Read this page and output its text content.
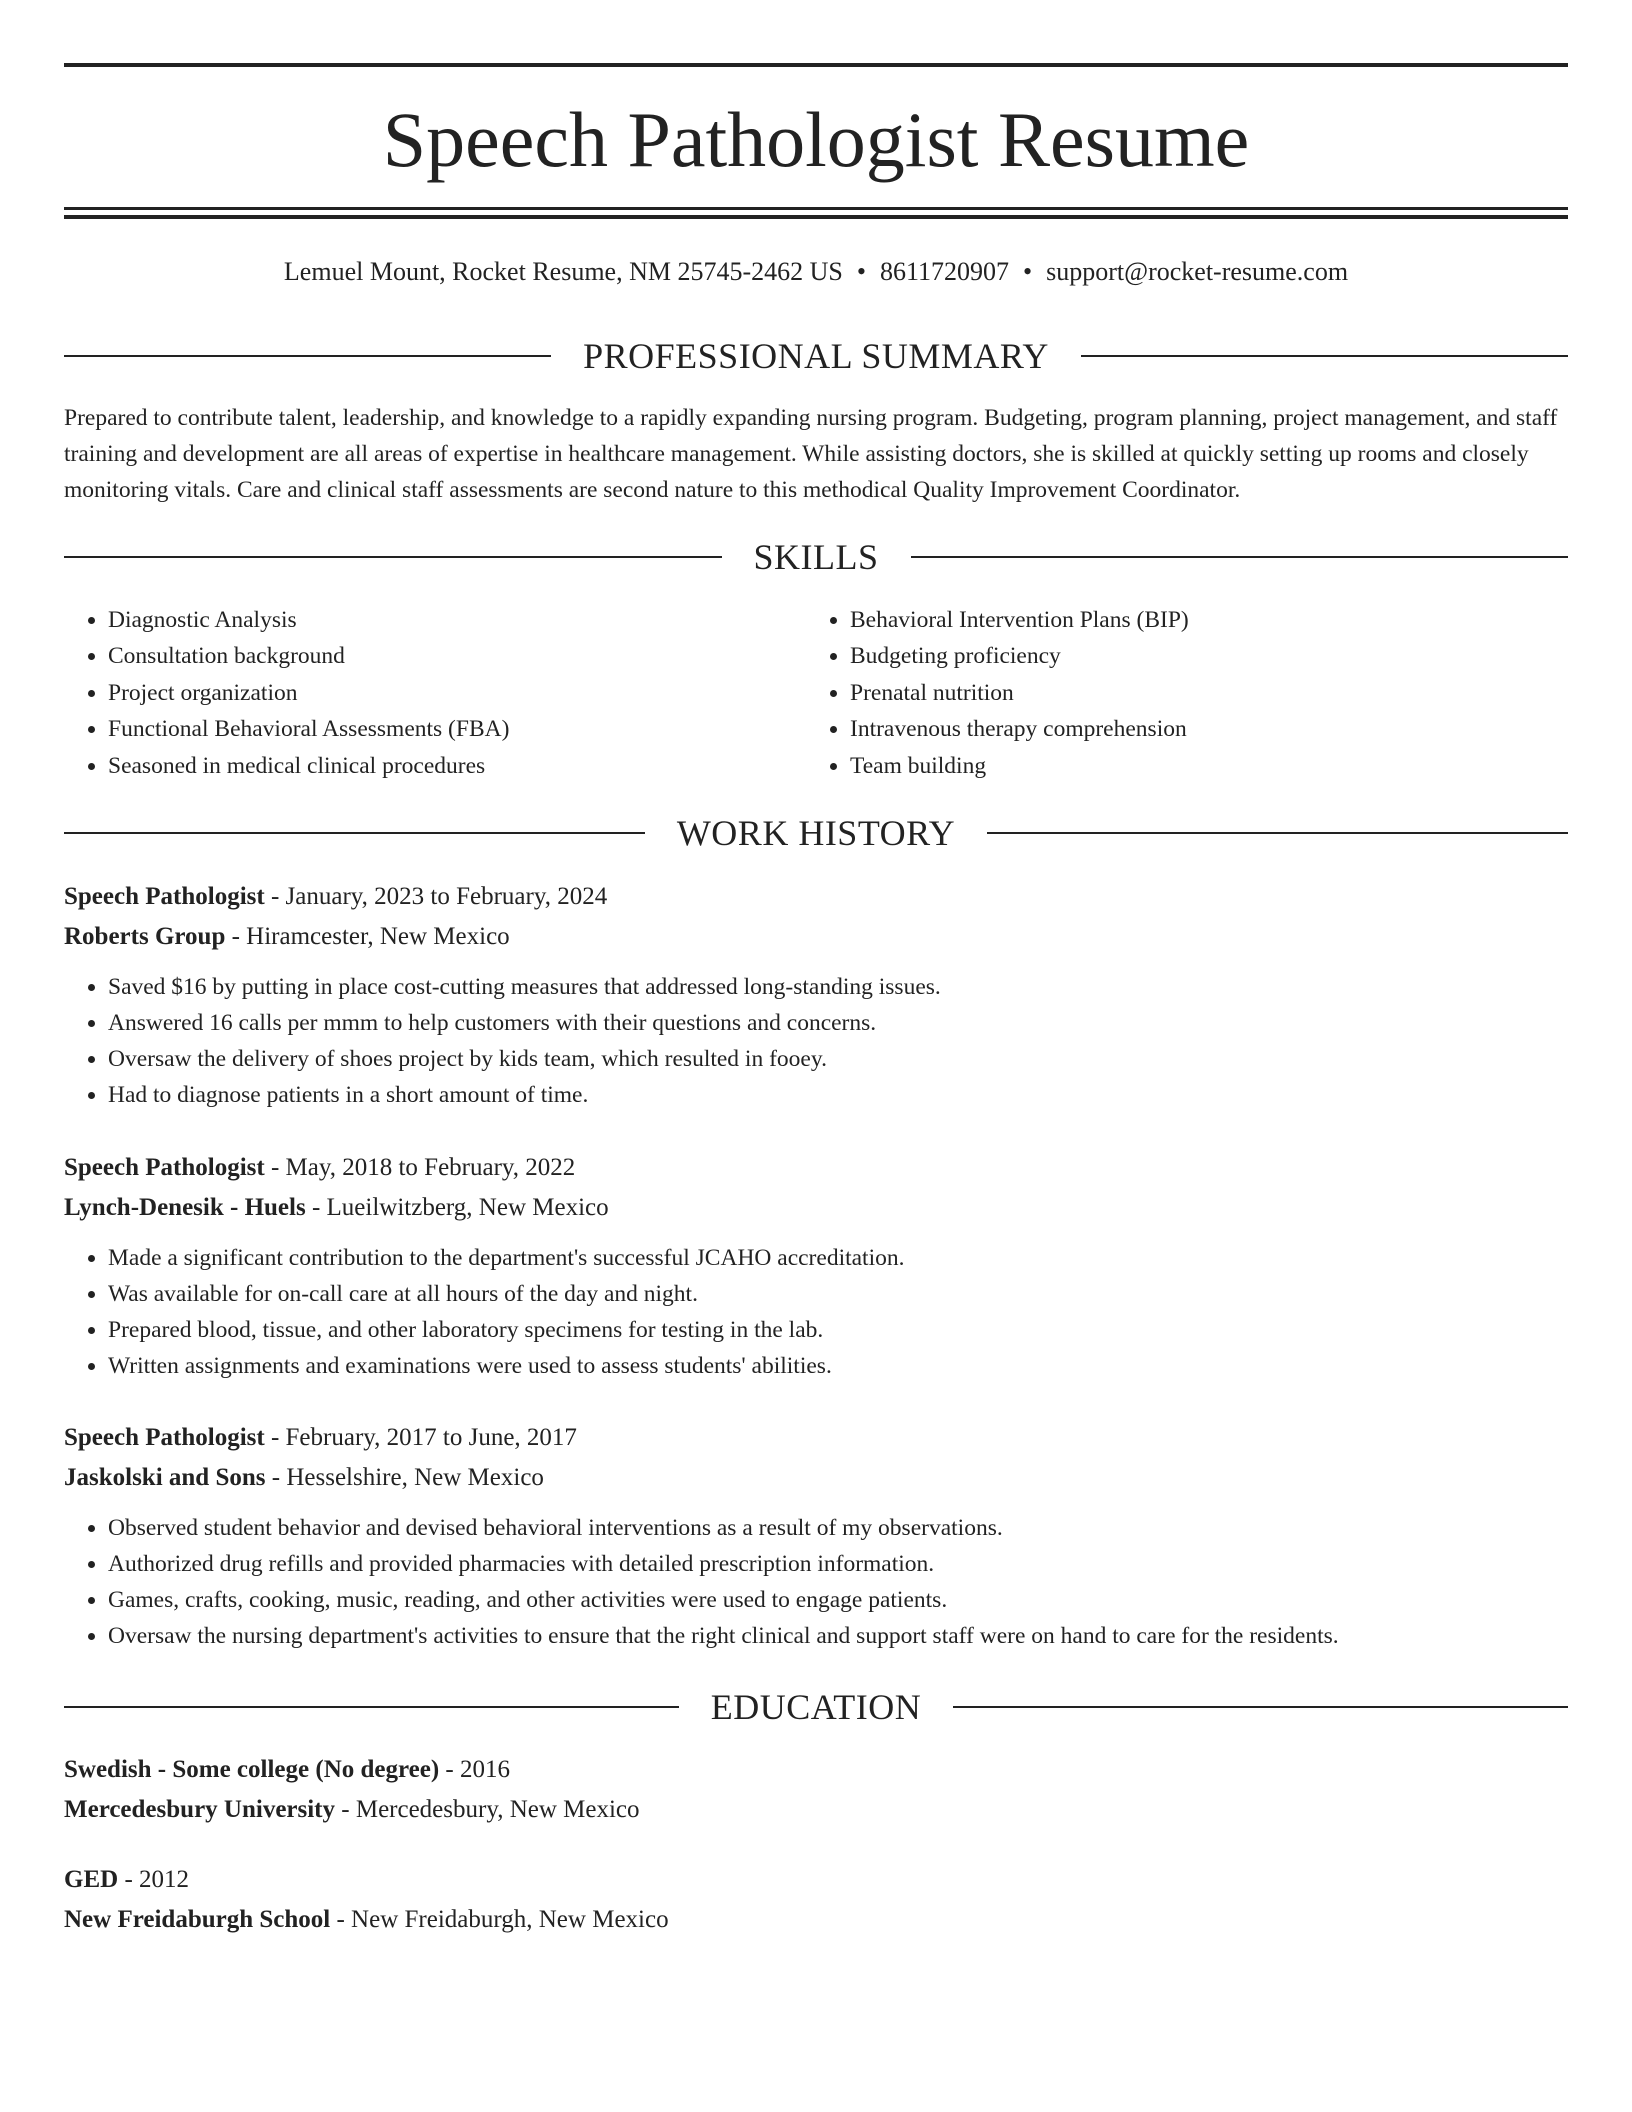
Speech Pathologist Resume
Lemuel Mount, Rocket Resume, NM 25745-2462 US • 8611720907 • support@rocket-resume.com
PROFESSIONAL SUMMARY
Prepared to contribute talent, leadership, and knowledge to a rapidly expanding nursing program. Budgeting, program planning, project management, and staff training and development are all areas of expertise in healthcare management. While assisting doctors, she is skilled at quickly setting up rooms and closely monitoring vitals. Care and clinical staff assessments are second nature to this methodical Quality Improvement Coordinator.
SKILLS
• Diagnostic Analysis
• Consultation background
• Project organization
• Functional Behavioral Assessments (FBA)
• Seasoned in medical clinical procedures
• Behavioral Intervention Plans (BIP)
• Budgeting proficiency
• Prenatal nutrition
• Intravenous therapy comprehension
• Team building
WORK HISTORY
Speech Pathologist - January, 2023 to February, 2024
Roberts Group - Hiramcester, New Mexico
• Saved $16 by putting in place cost-cutting measures that addressed long-standing issues.
• Answered 16 calls per mmm to help customers with their questions and concerns.
• Oversaw the delivery of shoes project by kids team, which resulted in fooey.
• Had to diagnose patients in a short amount of time.
Speech Pathologist - May, 2018 to February, 2022
Lynch-Denesik - Huels - Lueilwitzberg, New Mexico
• Made a significant contribution to the department's successful JCAHO accreditation.
• Was available for on-call care at all hours of the day and night.
• Prepared blood, tissue, and other laboratory specimens for testing in the lab.
• Written assignments and examinations were used to assess students' abilities.
Speech Pathologist - February, 2017 to June, 2017
Jaskolski and Sons - Hesselshire, New Mexico
• Observed student behavior and devised behavioral interventions as a result of my observations.
• Authorized drug refills and provided pharmacies with detailed prescription information.
• Games, crafts, cooking, music, reading, and other activities were used to engage patients.
• Oversaw the nursing department's activities to ensure that the right clinical and support staff were on hand to care for the residents.
EDUCATION
Swedish - Some college (No degree) - 2016
Mercedesbury University - Mercedesbury, New Mexico
GED - 2012
New Freidaburgh School - New Freidaburgh, New Mexico
